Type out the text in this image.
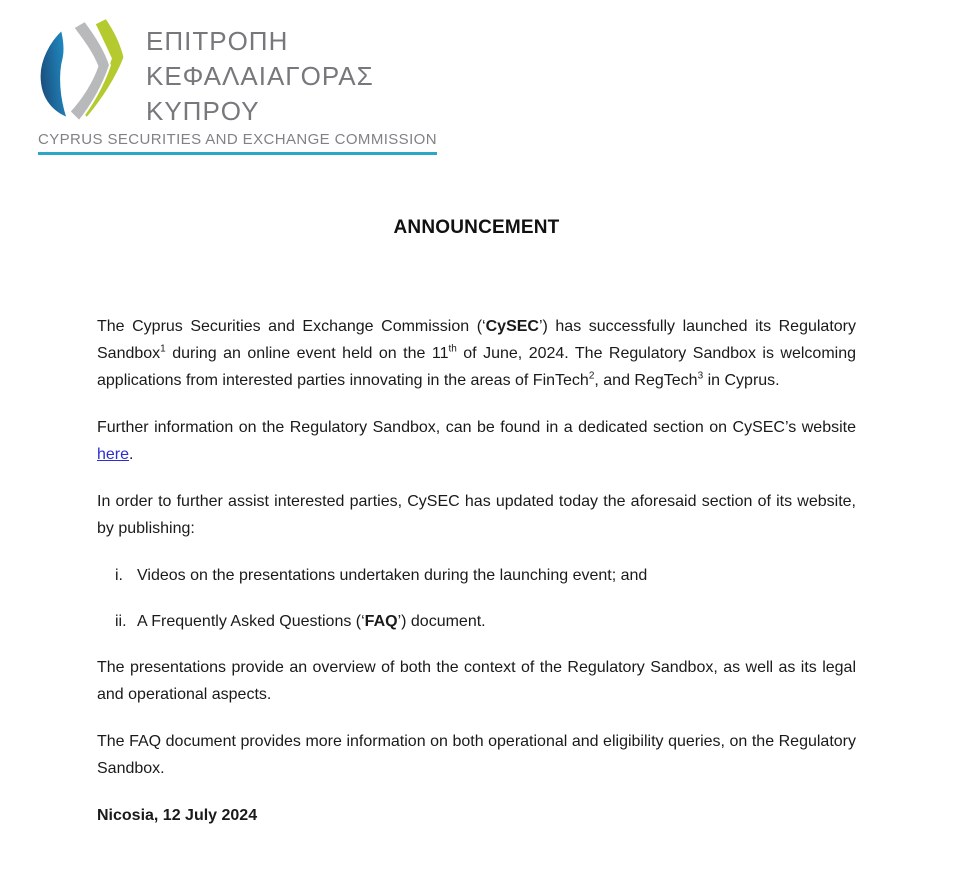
ΕΠΙΤΡΟΠΗ
ΚΕΦΑΛΑΙΑΓΟΡΑΣ
ΚΥΠΡΟΥ
CYPRUS SECURITIES AND EXCHANGE COMMISSION
ANNOUNCEMENT

The Cyprus Securities and Exchange Commission (‘CySEC’) has successfully launched its Regulatory Sandbox$^1$ during an online event held on the 11th of June, 2024. The Regulatory Sandbox is welcoming applications from interested parties innovating in the areas of FinTech$^2$, and RegTech$^3$ in Cyprus.

Further information on the Regulatory Sandbox, can be found in a dedicated section on CySEC’s website here.

In order to further assist interested parties, CySEC has updated today the aforesaid section of its website, by publishing:

i. Videos on the presentations undertaken during the launching event; and
ii. A Frequently Asked Questions (‘FAQ’) document.

The presentations provide an overview of both the context of the Regulatory Sandbox, as well as its legal and operational aspects.

The FAQ document provides more information on both operational and eligibility queries, on the Regulatory Sandbox.

Nicosia, 12 July 2024
